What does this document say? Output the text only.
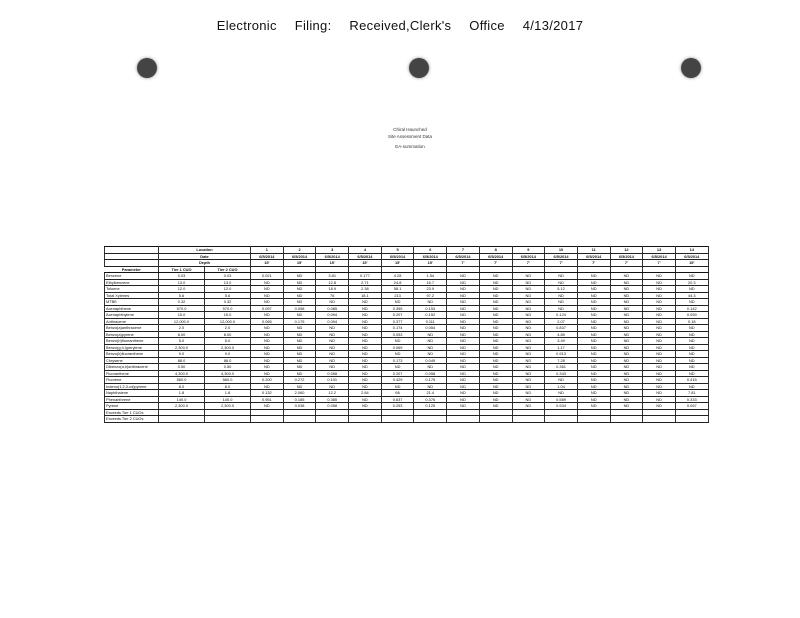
Electronic Filing: Received,Clerk's Office 4/13/2017
Chiral Haunched
Site Assessment Data
EA-summation
	Location		1	2	3	4	5	6	7	8	9	10	11	12	13	14
	Date		6/5/2014	6/5/2014	6/5/2014	6/5/2014	6/5/2014	6/5/2014	6/5/2014	6/5/2014	6/5/2014	6/5/2014	6/5/2014	6/5/2014	6/5/2014	6/5/2014
	Depth		15'	15'	15'	15'	15'	15'	7'	7'	7'	7'	7'	7'	7'	15'
Parameter	Tier 1 CUO	Tier 2 CUO														
Benzene	0.03	0.03	0.021	ND	3.81	0.177	4.28	1.54	ND	ND	ND	ND	ND	ND	ND	ND
Ethylbenzene	13.0	13.0	ND	ND	12.8	2.71	24.8	16.7	ND	ND	ND	ND	ND	ND	ND	20.3
Toluene	12.0	12.0	ND	ND	18.9	2.38	58.1	23.9	ND	ND	ND	5.12	ND	ND	ND	ND
Total Xylenes	5.6	5.6	ND	ND	76	18.1	213	97.2	ND	ND	ND	ND	ND	ND	ND	44.3
MTBE	0.32	0.32	ND	ND	ND	ND	ND	ND	ND	ND	ND	ND	ND	ND	ND	ND
Acenaphthene	570.0	570.0	0.097	0.058	0.085	ND	0.355	0.153	ND	ND	ND	ND	ND	ND	ND	0.142
Acenaphthylene	15.0	15.0	ND	ND	0.094	ND	0.207	0.152	ND	ND	ND	0.124	ND	ND	ND	0.059
Anthracene	12,000.0	12,000.0	0.065	0.175	0.094	ND	0.377	0.111	ND	ND	ND	2.07	ND	ND	ND	0.18
Benzo(a)anthracene	2.0	2.0	ND	ND	ND	ND	0.174	0.054	ND	ND	ND	0.837	ND	ND	ND	ND
Benzo(a)pyrene	8.00	8.00	ND	ND	ND	ND	0.053	ND	ND	ND	ND	4.85	ND	ND	ND	ND
Benzo(b)fluoranthene	5.0	5.0	ND	ND	ND	ND	ND	ND	ND	ND	ND	3.49	ND	ND	ND	ND
Benzo(g,h,i)perylene	2,300.0	2,300.0	ND	ND	ND	ND	0.069	ND	ND	ND	ND	1.17	ND	ND	ND	ND
Benzo(k)fluoranthene	9.0	9.0	ND	ND	ND	ND	ND	ND	ND	ND	ND	0.913	ND	ND	ND	ND
Chrysene	88.0	88.0	ND	ND	ND	ND	0.173	0.049	ND	ND	ND	7.28	ND	ND	ND	ND
Dibenzo(a,h)anthracene	0.50	0.50	ND	ND	ND	ND	ND	ND	ND	ND	ND	0.361	ND	ND	ND	ND
Fluoranthene	4,300.0	4,300.0	ND	ND	0.058	ND	0.207	0.058	ND	ND	ND	0.343	ND	ND	ND	ND
Fluorene	560.0	560.0	0.200	0.272	0.101	ND	0.429	0.175	ND	ND	ND	ND	ND	ND	ND	0.415
Indeno(1,2,3-cd)pyrene	8.0	8.0	ND	ND	ND	ND	ND	ND	ND	ND	ND	1.04	ND	ND	ND	ND
Naphthalene	1.8	1.8	0.132	2.060	12.2	2.84	66	21.4	ND	ND	ND	ND	ND	ND	ND	7.81
Phenanthrene	140.0	140.0	0.951	0.185	0.385	ND	0.637	0.376	ND	ND	ND	0.589	ND	ND	ND	0.333
Pyrene	2,300.0	2,300.0	ND	0.038	0.058	ND	0.253	0.125	ND	ND	ND	0.534	ND	ND	ND	0.067
Exceeds Tier 1 CUOs																
Exceeds Tier 2 CUOs																
